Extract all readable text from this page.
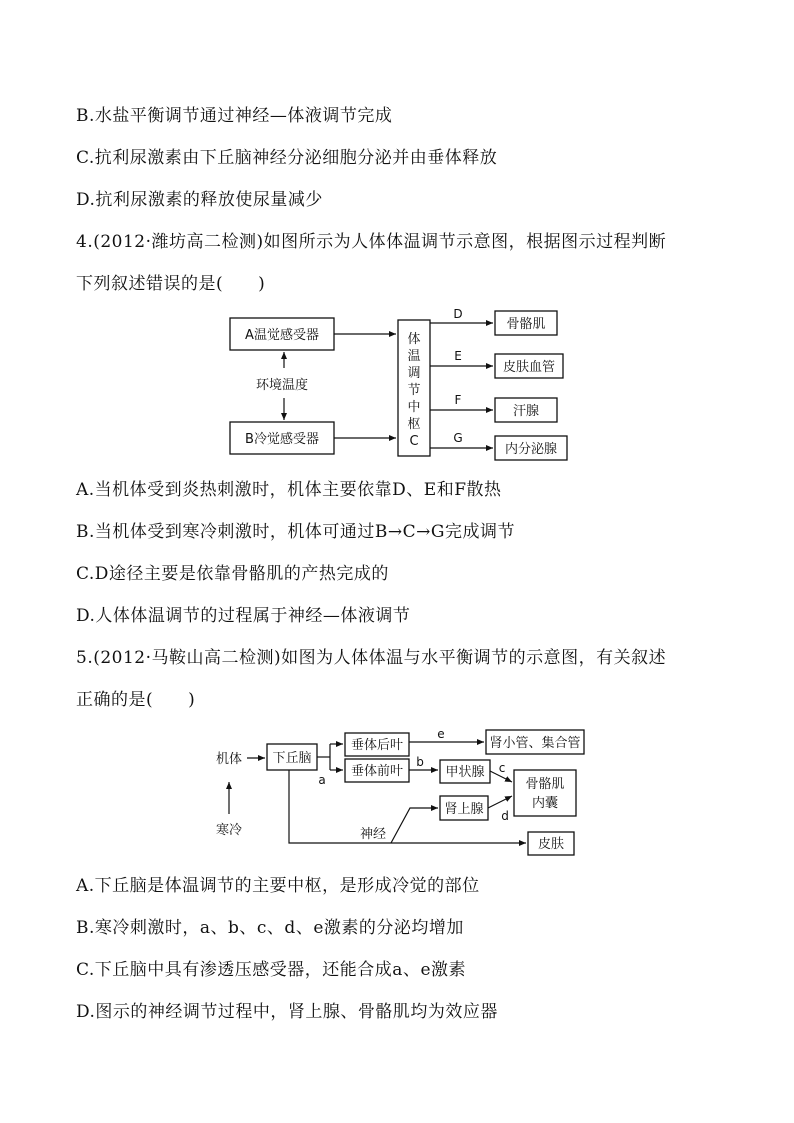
B.水盐平衡调节通过神经—体液调节完成
C.抗利尿激素由下丘脑神经分泌细胞分泌并由垂体释放
D.抗利尿激素的释放使尿量减少
4.(2012·潍坊高二检测)如图所示为人体体温调节示意图，根据图示过程判断
下列叙述错误的是(　　)
A温觉感受器
B冷觉感受器
环境温度
体
温
调
节
中
枢
C
D
E
F
G
骨骼肌
皮肤血管
汗腺
内分泌腺
A.当机体受到炎热刺激时，机体主要依靠D、E和F散热
B.当机体受到寒冷刺激时，机体可通过B→C→G完成调节
C.D途径主要是依靠骨骼肌的产热完成的
D.人体体温调节的过程属于神经—体液调节
5.(2012·马鞍山高二检测)如图为人体体温与水平衡调节的示意图，有关叙述
正确的是(　　)
机体
寒冷
下丘脑
a
垂体后叶
垂体前叶
e
肾小管、集合管
b
甲状腺 c
肾上腺 d
骨骼肌
内囊
神经
皮肤
A.下丘脑是体温调节的主要中枢，是形成冷觉的部位
B.寒冷刺激时，a、b、c、d、e激素的分泌均增加
C.下丘脑中具有渗透压感受器，还能合成a、e激素
D.图示的神经调节过程中，肾上腺、骨骼肌均为效应器
